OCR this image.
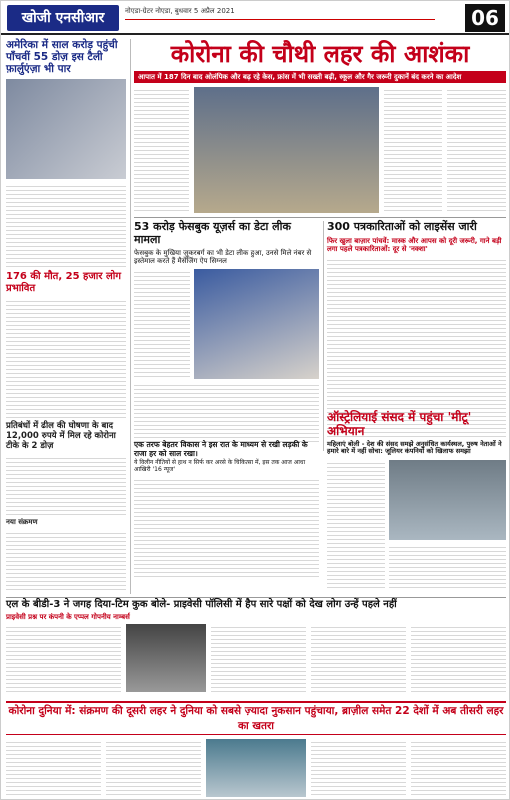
खोजी एनसीआर	नोएडा-ग्रेटर नोएडा, बुधवार 5 अप्रैल 2021	06
अमेरिका में साल करोड़ पहुंची पाँचवीं 55 डोज़ इस टैली फ़ार्लुएंज़ा भी पार
176 की मौत, 25 हजार लोग प्रभावित
प्रतिबंधों में ढील की घोषणा के बाद 12,000 रुपये में मिल रहे कोरोना टीके के 2 डोज़
नया संक्रमण
कोरोना की चौथी लहर की आशंका
आपात में 187 दिन बाद ओलंपिक और बढ़ रहे केस, फ्रांस में भी सख्ती बढ़ी, स्कूल और गैर जरूरी दुकानें बंद करने का आदेश
53 करोड़ फेसबुक यूज़र्स का डेटा लीक मामला
फेसबुक के मुखिया जुकरबर्ग का भी डेटा लीक हुआ, उनसे मिले नंबर से इस्तेमाल करते हैं मैसेंजिंग ऐप सिग्नल
300 पत्रकारिताओं को लाइसेंस जारी
फिर खुला बाज़ार पांचवें: मास्क और आपस को दूरी जरूरी, गाने बड़ी लगा पहले पत्रकारिताओं: दूर से 'नक्शा'
एक तरफ बेहतर विकास ने इस रात के माध्यम से रखी लड़की के राजा हर को साल रखा।
ये विलीन नीतियों से हाथ न सिर्फ कर अरसे के चिकित्सा में, इस तक आज आधा आखिरी '16 न्यूज'
ऑस्ट्रेलियाई संसद में पहुंचा 'मीटू' अभियान
महिलाएं बोली - देश की संसद समझे अनुसंधित कार्यस्थल, पुरुष नेताओं ने हमारे बारे में नहीं सोचा: जूलियर कंपनियों को खिलाफ समझा
एल के बीडी-3 ने जगह दिया-टिम कुक बोले- प्राइवेसी पॉलिसी में हैप सारे पक्षों को देख लोग उन्हें पहले नहीं
प्राइवेसी प्रश्न पर कंपनी के एप्पल गोपनीय नाम्बर्स
कोरोना दुनिया में: संक्रमण की दूसरी लहर ने दुनिया को सबसे ज़्यादा नुकसान पहुंचाया, ब्राज़ील समेत 22 देशों में अब तीसरी लहर का खतरा
